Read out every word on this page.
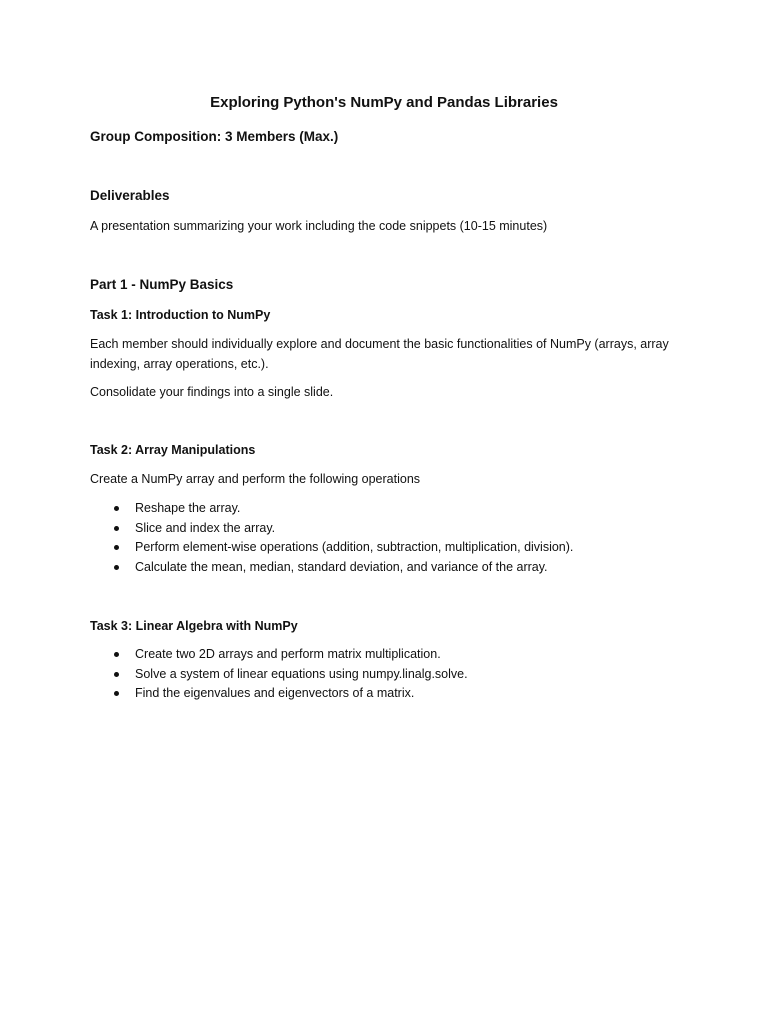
Exploring Python's NumPy and Pandas Libraries

Group Composition: 3 Members (Max.)

Deliverables

A presentation summarizing your work including the code snippets (10-15 minutes)

Part 1 - NumPy Basics

Task 1: Introduction to NumPy

Each member should individually explore and document the basic functionalities of NumPy (arrays, array indexing, array operations, etc.).

Consolidate your findings into a single slide.

Task 2: Array Manipulations

Create a NumPy array and perform the following operations

Reshape the array.
Slice and index the array.
Perform element-wise operations (addition, subtraction, multiplication, division).
Calculate the mean, median, standard deviation, and variance of the array.

Task 3: Linear Algebra with NumPy

Create two 2D arrays and perform matrix multiplication.
Solve a system of linear equations using numpy.linalg.solve.
Find the eigenvalues and eigenvectors of a matrix.
